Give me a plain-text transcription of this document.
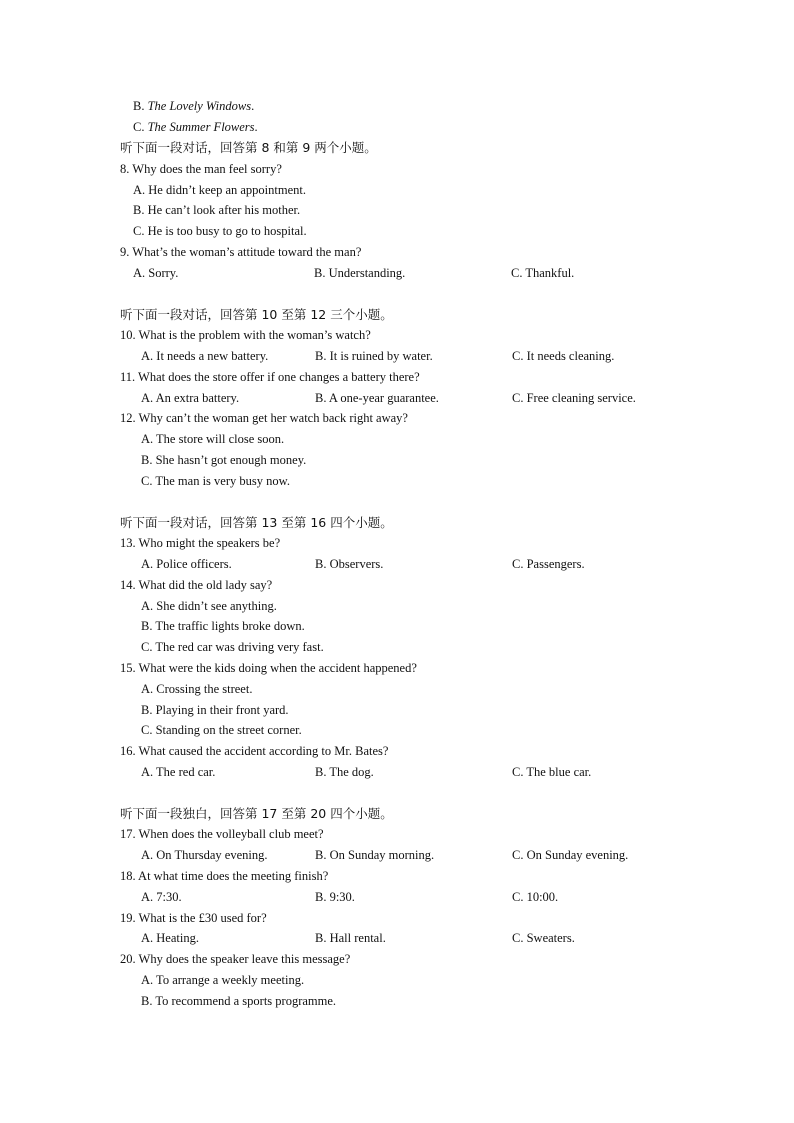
B. The Lovely Windows.
C. The Summer Flowers.
听下面一段对话，回答第 8 和第 9 两个小题。
8. Why does the man feel sorry?
A. He didn’t keep an appointment.
B. He can’t look after his mother.
C. He is too busy to go to hospital.
9. What’s the woman’s attitude toward the man?
A. Sorry.	B. Understanding.	C. Thankful.
听下面一段对话，回答第 10 至第 12 三个小题。
10. What is the problem with the woman’s watch?
A. It needs a new battery.	B. It is ruined by water.	C. It needs cleaning.
11. What does the store offer if one changes a battery there?
A. An extra battery.	B. A one-year guarantee.	C. Free cleaning service.
12. Why can’t the woman get her watch back right away?
A. The store will close soon.
B. She hasn’t got enough money.
C. The man is very busy now.
听下面一段对话，回答第 13 至第 16 四个小题。
13. Who might the speakers be?
A. Police officers.	B. Observers.	C. Passengers.
14. What did the old lady say?
A. She didn’t see anything.
B. The traffic lights broke down.
C. The red car was driving very fast.
15. What were the kids doing when the accident happened?
A. Crossing the street.
B. Playing in their front yard.
C. Standing on the street corner.
16. What caused the accident according to Mr. Bates?
A. The red car.	B. The dog.	C. The blue car.
听下面一段独白，回答第 17 至第 20 四个小题。
17. When does the volleyball club meet?
A. On Thursday evening.	B. On Sunday morning.	C. On Sunday evening.
18. At what time does the meeting finish?
A. 7:30.	B. 9:30.	C. 10:00.
19. What is the £30 used for?
A. Heating.	B. Hall rental.	C. Sweaters.
20. Why does the speaker leave this message?
A. To arrange a weekly meeting.
B. To recommend a sports programme.
